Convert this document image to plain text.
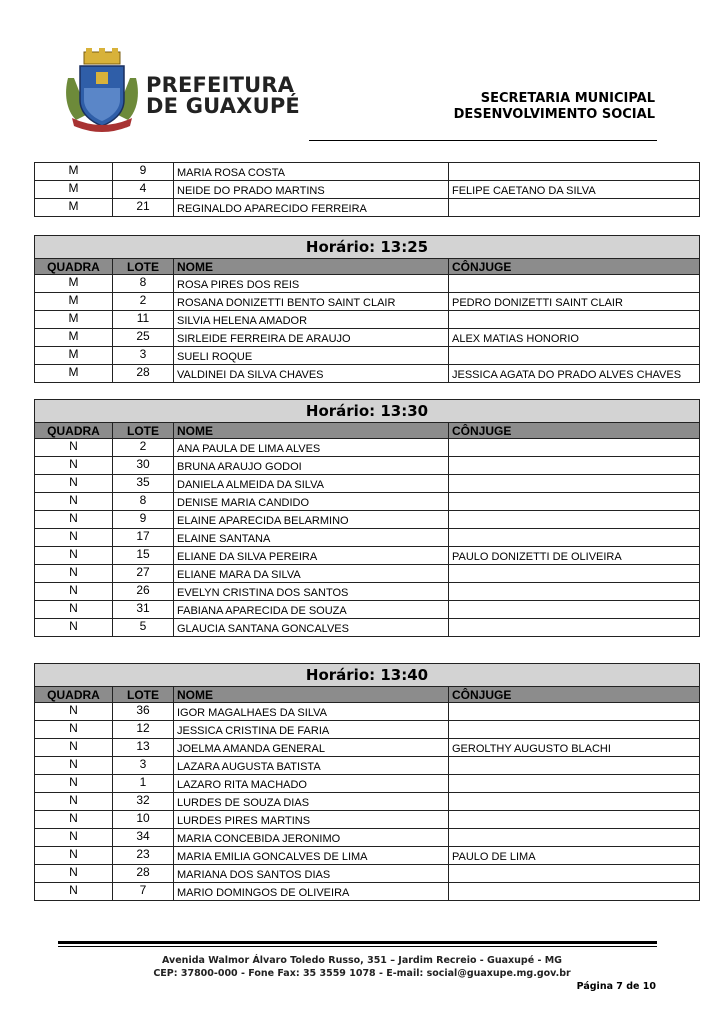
PREFEITURA
DE GUAXUPÉ	SECRETARIA MUNICIPAL
DESENVOLVIMENTO SOCIAL
M	9	MARIA ROSA COSTA	
M	4	NEIDE DO PRADO MARTINS	FELIPE CAETANO DA SILVA
M	21	REGINALDO APARECIDO FERREIRA	
Horário: 13:25			
QUADRA	LOTE	NOME	CÔNJUGE
M	8	ROSA PIRES DOS REIS	
M	2	ROSANA DONIZETTI BENTO SAINT CLAIR	PEDRO DONIZETTI SAINT CLAIR
M	11	SILVIA HELENA AMADOR	
M	25	SIRLEIDE FERREIRA DE ARAUJO	ALEX MATIAS HONORIO
M	3	SUELI ROQUE	
M	28	VALDINEI DA SILVA CHAVES	JESSICA AGATA DO PRADO ALVES CHAVES
Horário: 13:30			
QUADRA	LOTE	NOME	CÔNJUGE
N	2	ANA PAULA DE LIMA ALVES	
N	30	BRUNA ARAUJO GODOI	
N	35	DANIELA ALMEIDA DA SILVA	
N	8	DENISE MARIA CANDIDO	
N	9	ELAINE APARECIDA BELARMINO	
N	17	ELAINE SANTANA	
N	15	ELIANE DA SILVA PEREIRA	PAULO DONIZETTI DE OLIVEIRA
N	27	ELIANE MARA DA SILVA	
N	26	EVELYN CRISTINA DOS SANTOS	
N	31	FABIANA APARECIDA DE SOUZA	
N	5	GLAUCIA SANTANA GONCALVES	
Horário: 13:40			
QUADRA	LOTE	NOME	CÔNJUGE
N	36	IGOR MAGALHAES DA SILVA	
N	12	JESSICA CRISTINA DE FARIA	
N	13	JOELMA AMANDA GENERAL	GEROLTHY AUGUSTO BLACHI
N	3	LAZARA AUGUSTA BATISTA	
N	1	LAZARO RITA MACHADO	
N	32	LURDES DE SOUZA DIAS	
N	10	LURDES PIRES MARTINS	
N	34	MARIA CONCEBIDA JERONIMO	
N	23	MARIA EMILIA GONCALVES DE LIMA	PAULO DE LIMA
N	28	MARIANA DOS SANTOS DIAS	
N	7	MARIO DOMINGOS DE OLIVEIRA	
Avenida Walmor Álvaro Toledo Russo, 351 – Jardim Recreio - Guaxupé - MG
CEP: 37800-000 - Fone Fax: 35 3559 1078 - E-mail: social@guaxupe.mg.gov.br
Página 7 de 10
